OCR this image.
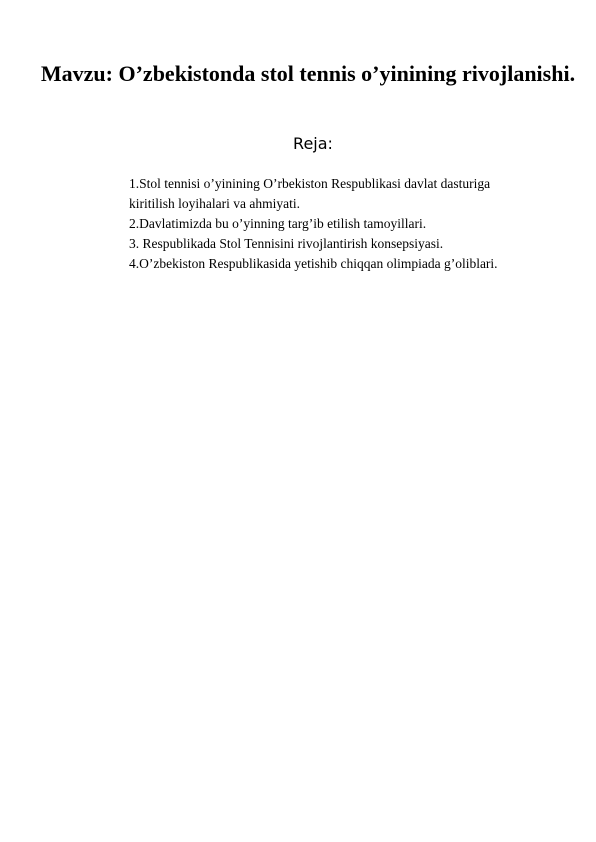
Mavzu: O’zbekistonda stol tennis o’yinining rivojlanishi.

Reja:

1.Stol tennisi o’yinining O’rbekiston Respublikasi davlat dasturiga kiritilish loyihalari va ahmiyati.
2.Davlatimizda bu o’yinning targ’ib etilish tamoyillari.
3. Respublikada Stol Tennisini rivojlantirish konsepsiyasi.
4.O’zbekiston Respublikasida yetishib chiqqan olimpiada g’oliblari.
